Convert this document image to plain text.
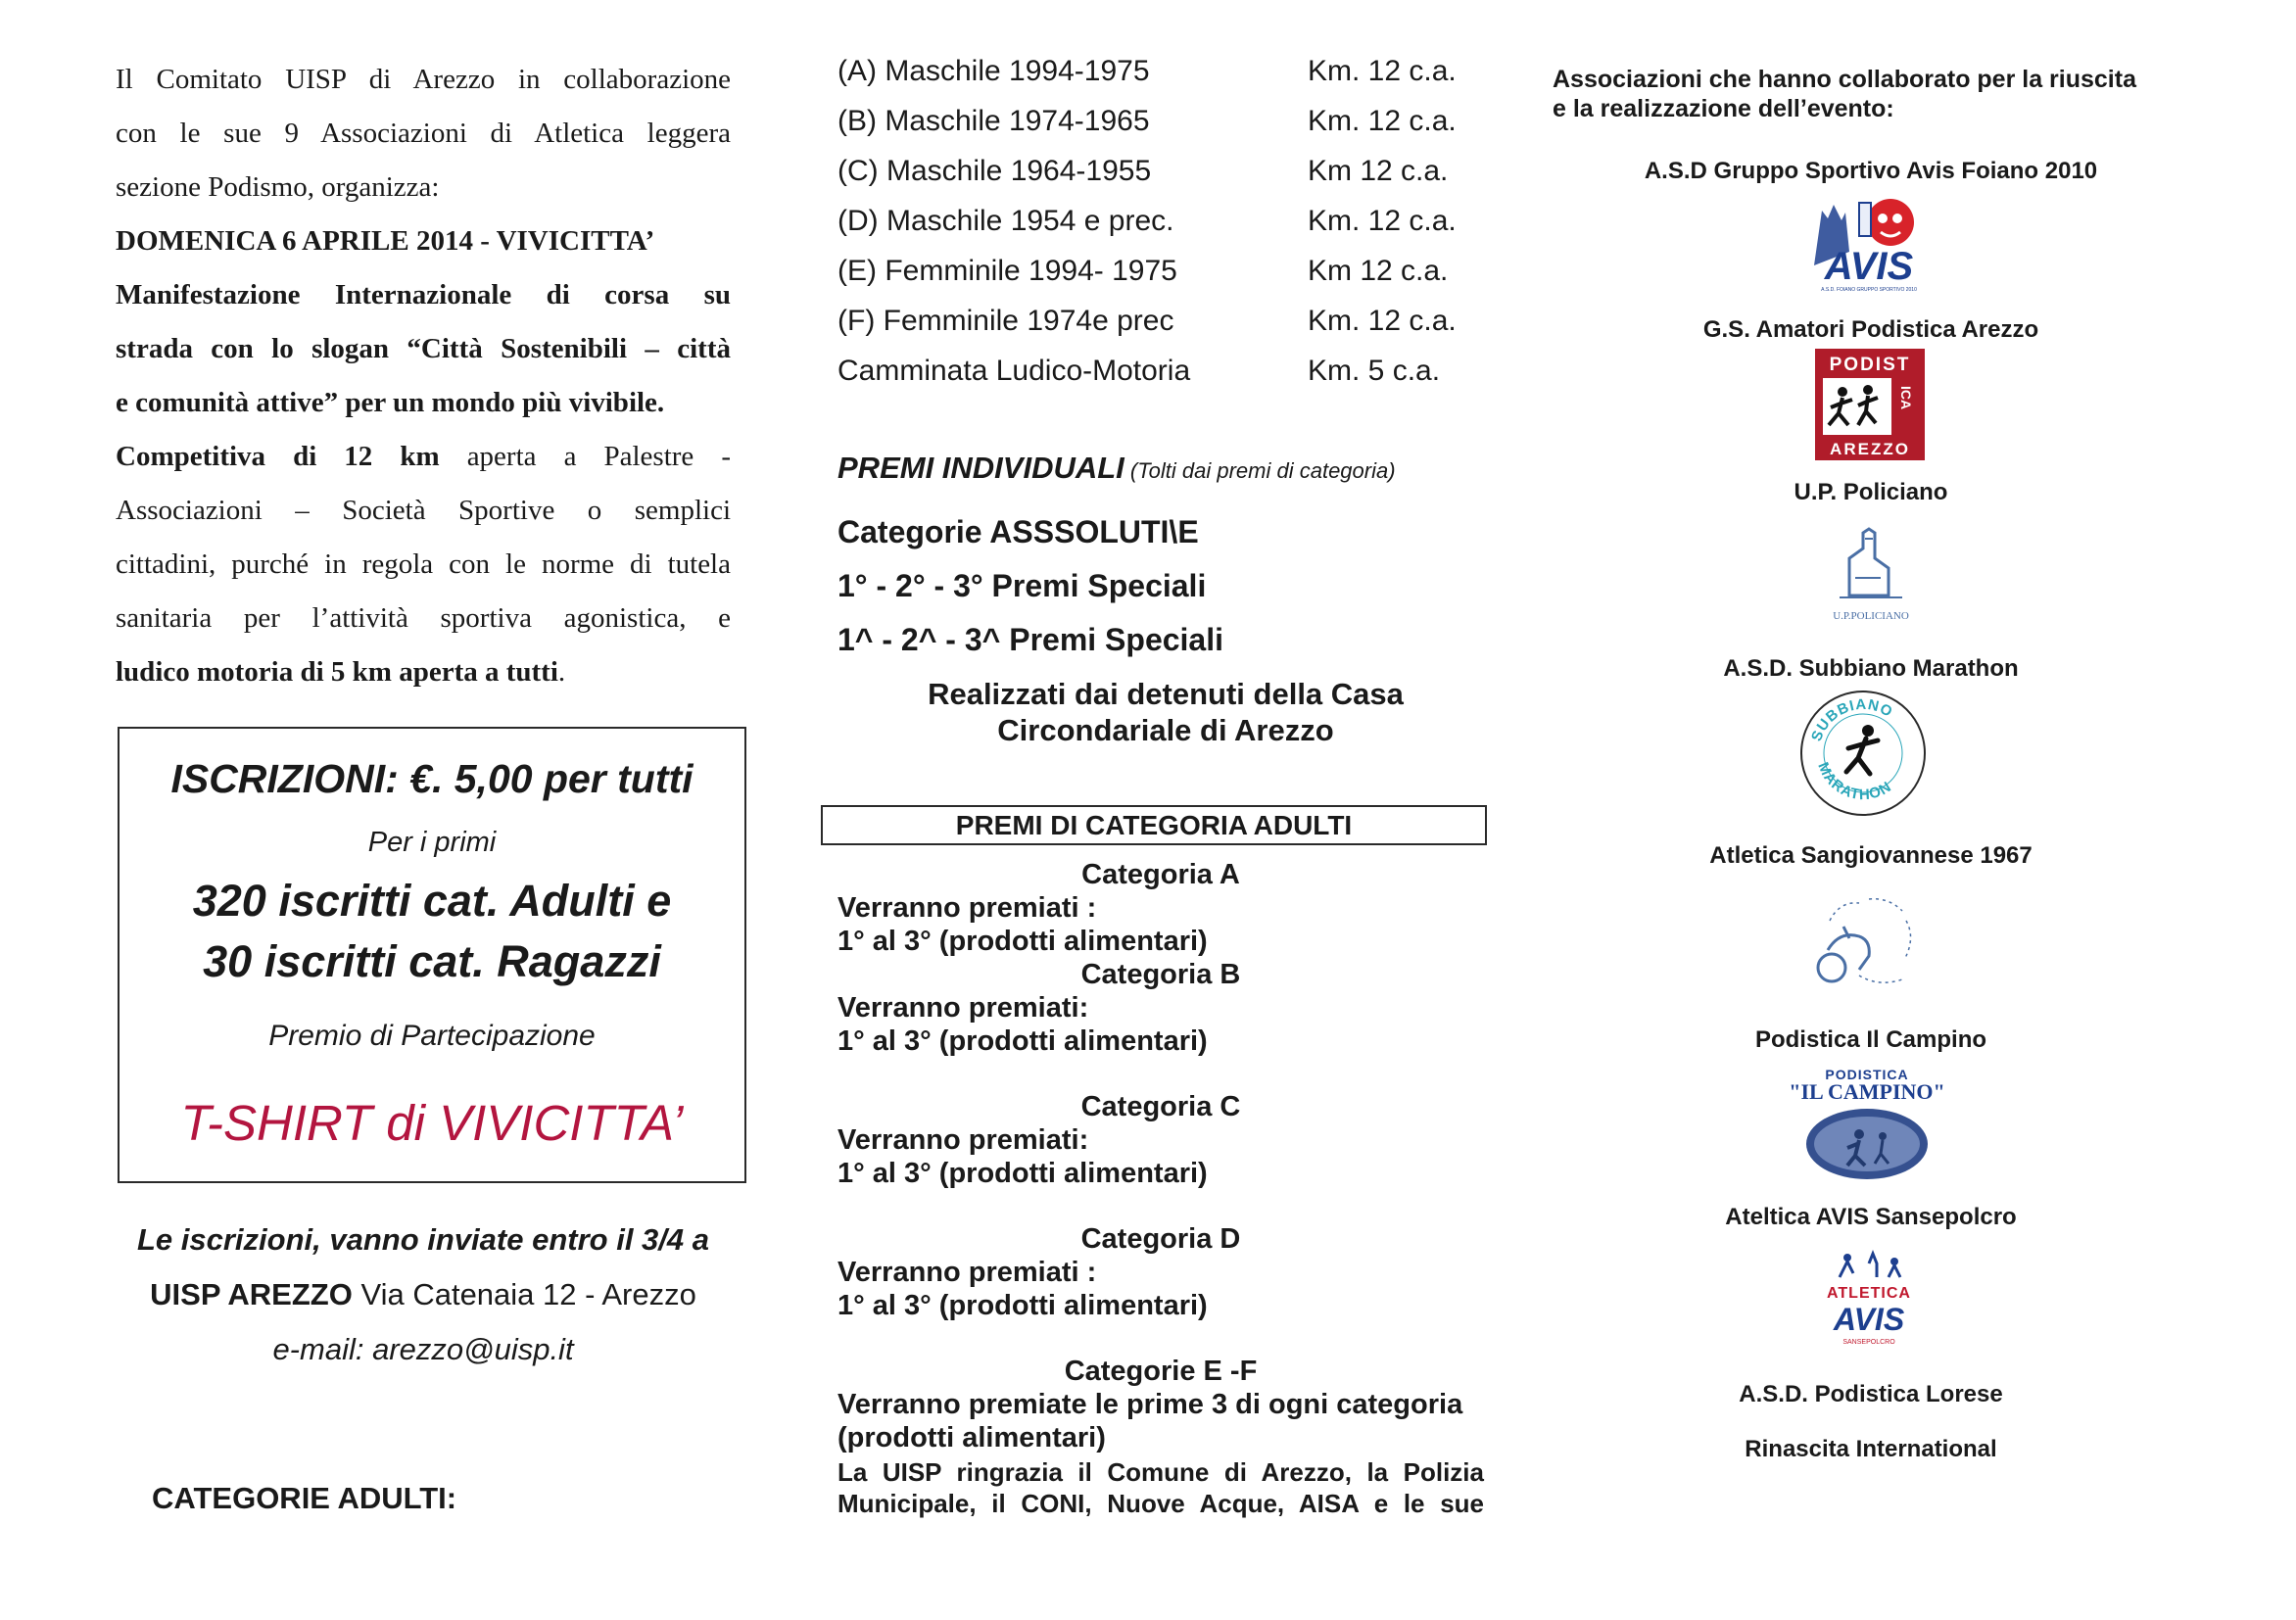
Il Comitato UISP di Arezzo in collaborazione
con le sue 9 Associazioni di Atletica leggera
sezione Podismo, organizza:
DOMENICA 6 APRILE 2014 - VIVICITTA’
Manifestazione Internazionale di corsa su
strada con lo slogan “Città Sostenibili – città
e comunità attive” per un mondo più vivibile.
Competitiva di 12 km aperta a Palestre -
Associazioni – Società Sportive o semplici
cittadini, purché in regola con le norme di tutela
sanitaria per l’attività sportiva agonistica, e
ludico motoria di 5 km aperta a tutti.
ISCRIZIONI: €. 5,00 per tutti
Per i primi
320 iscritti cat. Adulti e
30 iscritti cat. Ragazzi
Premio di Partecipazione
T-SHIRT di VIVICITTA’
Le iscrizioni, vanno inviate entro il 3/4 a
UISP AREZZO Via Catenaia 12 - Arezzo
e-mail: arezzo@uisp.it
CATEGORIE ADULTI:
(A) Maschile 1994-1975	Km. 12 c.a.
(B) Maschile 1974-1965	Km. 12 c.a.
(C) Maschile 1964-1955	Km 12 c.a.
(D) Maschile 1954 e prec.	Km. 12 c.a.
(E) Femminile 1994- 1975	Km 12 c.a.
(F) Femminile 1974e prec	Km. 12 c.a.
Camminata Ludico-Motoria	Km. 5 c.a.
PREMI INDIVIDUALI (Tolti dai premi di categoria)
Categorie ASSSOLUTI\E
1° - 2° - 3° Premi Speciali
1^ - 2^ - 3^ Premi Speciali
Realizzati dai detenuti della Casa
Circondariale di Arezzo
PREMI DI CATEGORIA ADULTI
Categoria A
Verranno premiati :
1° al 3° (prodotti alimentari)
Categoria B
Verranno premiati:
1° al 3° (prodotti alimentari)
Categoria C
Verranno premiati:
1° al 3° (prodotti alimentari)
Categoria D
Verranno premiati :
1° al 3° (prodotti alimentari)
Categorie E -F
Verranno premiate le prime 3 di ogni categoria
(prodotti alimentari)
La UISP ringrazia il Comune di Arezzo, la Polizia
Municipale, il CONI, Nuove Acque, AISA e le sue
Associazioni che hanno collaborato per la riuscita
e la realizzazione dell’evento:
A.S.D Gruppo Sportivo Avis Foiano 2010
AVIS
A.S.D. FOIANO GRUPPO SPORTIVO 2010
G.S. Amatori Podistica Arezzo
PODIST
ICA
AREZZO
U.P. Policiano
U.P.POLICIANO
A.S.D. Subbiano Marathon
SUBBIANO
MARATHON
Atletica Sangiovannese 1967
Podistica Il Campino
PODISTICA
"IL CAMPINO"
Ateltica AVIS Sansepolcro
ATLETICA
AVIS
SANSEPOLCRO
A.S.D. Podistica Lorese
Rinascita International
